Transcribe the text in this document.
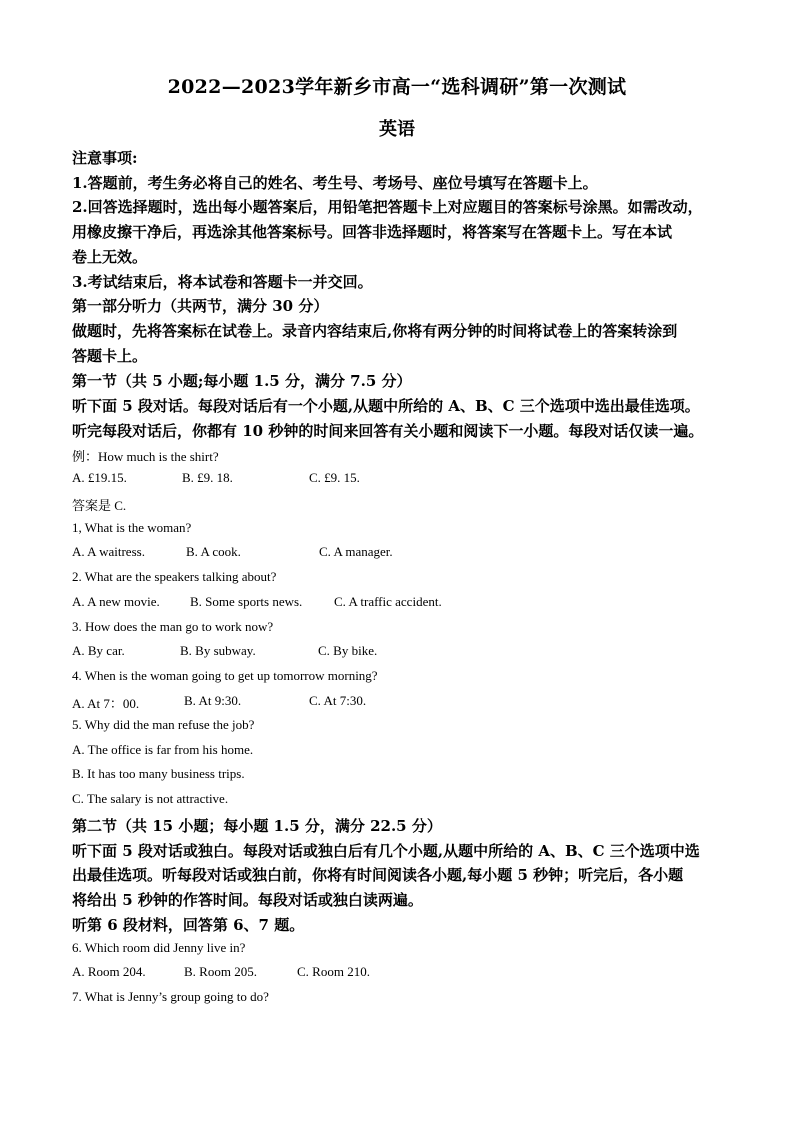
2022—2023学年新乡市高一“选科调研”第一次测试
英语
注意事项:
1.答题前，考生务必将自己的姓名、考生号、考场号、座位号填写在答题卡上。
2.回答选择题时，选出每小题答案后，用铅笔把答题卡上对应题目的答案标号涂黑。如需改动，
用橡皮擦干净后，再选涂其他答案标号。回答非选择题时，将答案写在答题卡上。写在本试
卷上无效。
3.考试结束后，将本试卷和答题卡一并交回。
第一部分听力（共两节，满分 30 分）
做题时，先将答案标在试卷上。录音内容结束后,你将有两分钟的时间将试卷上的答案转涂到
答题卡上。
第一节（共 5 小题;每小题 1.5 分，满分 7.5 分）
听下面 5 段对话。每段对话后有一个小题,从题中所给的 A、B、C 三个选项中选出最佳选项。
听完每段对话后，你都有 10 秒钟的时间来回答有关小题和阅读下一小题。每段对话仅读一遍。
例：How much is the shirt?
A. £19.15.	B. £9. 18.	C. £9. 15.
答案是 C.
1, What is the woman?
A. A waitress.	B. A cook.	C. A manager.
2. What are the speakers talking about?
A. A new movie. B. Some sports news. C. A traffic accident.
3. How does the man go to work now?
A. By car.	B. By subway.	C. By bike.
4. When is the woman going to get up tomorrow morning?
A. At 7：00.	B. At 9:30.	C. At 7:30.
5. Why did the man refuse the job?
A. The office is far from his home.
B. It has too many business trips.
C. The salary is not attractive.
第二节（共 15 小题；每小题 1.5 分，满分 22.5 分）
听下面 5 段对话或独白。每段对话或独白后有几个小题,从题中所给的 A、B、C 三个选项中选
出最佳选项。听每段对话或独白前，你将有时间阅读各小题,每小题 5 秒钟；听完后，各小题
将给出 5 秒钟的作答时间。每段对话或独白读两遍。
听第 6 段材料，回答第 6、7 题。
6. Which room did Jenny live in?
A. Room 204.	B. Room 205.	C. Room 210.
7. What is Jenny’s group going to do?
